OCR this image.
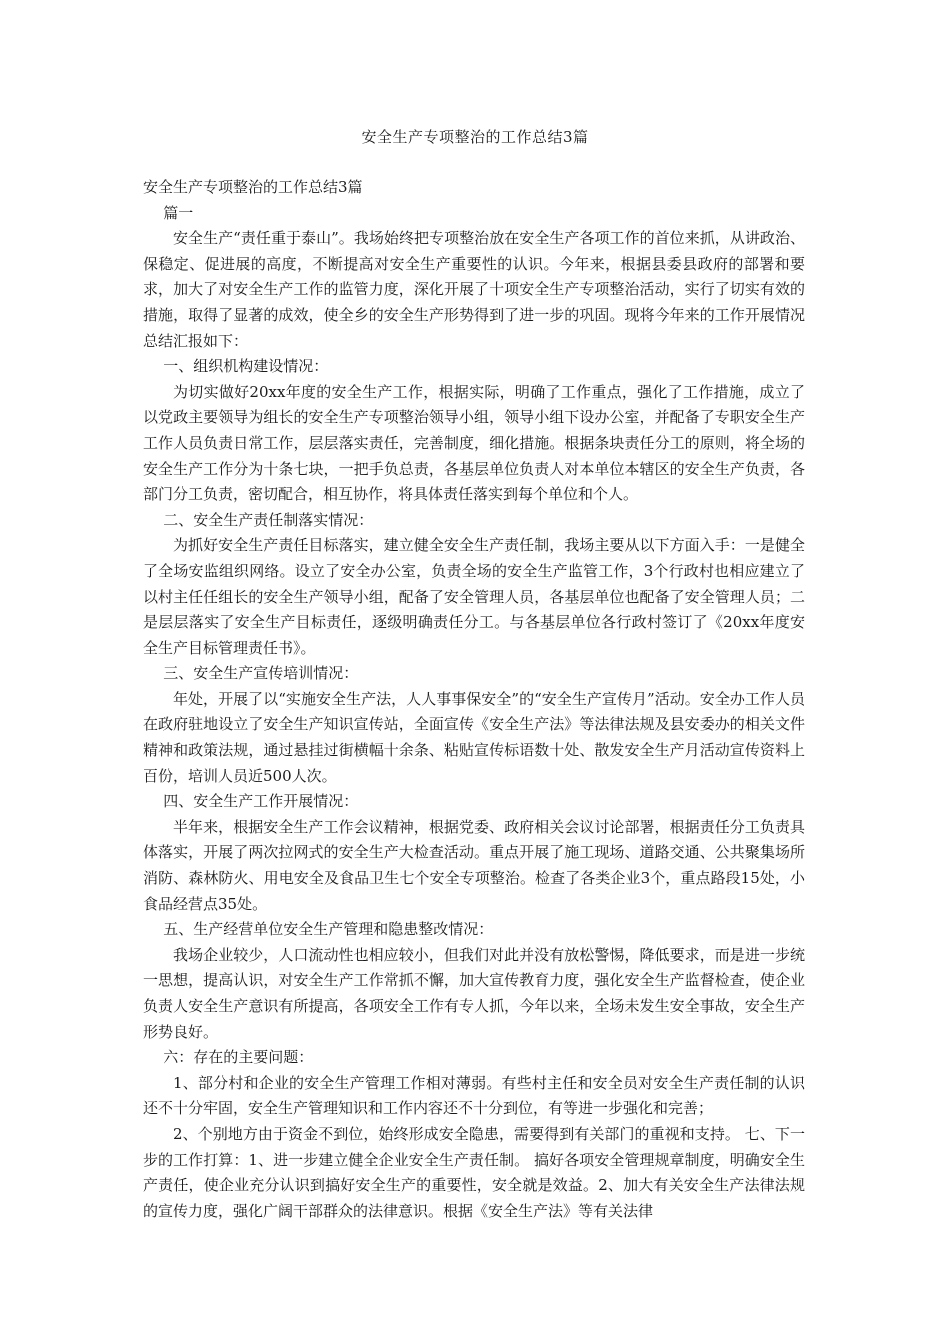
安全生产专项整治的工作总结3篇

安全生产专项整治的工作总结3篇

篇一

安全生产“责任重于泰山”。我场始终把专项整治放在安全生产各项工作的首位来抓，从讲政治、保稳定、促进展的高度，不断提高对安全生产重要性的认识。今年来，根据县委县政府的部署和要求，加大了对安全生产工作的监管力度，深化开展了十项安全生产专项整治活动，实行了切实有效的措施，取得了显著的成效，使全乡的安全生产形势得到了进一步的巩固。现将今年来的工作开展情况总结汇报如下：

一、组织机构建设情况：

为切实做好20xx年度的安全生产工作，根据实际，明确了工作重点，强化了工作措施，成立了以党政主要领导为组长的安全生产专项整治领导小组，领导小组下设办公室，并配备了专职安全生产工作人员负责日常工作，层层落实责任，完善制度，细化措施。根据条块责任分工的原则，将全场的安全生产工作分为十条七块，一把手负总责，各基层单位负责人对本单位本辖区的安全生产负责，各部门分工负责，密切配合，相互协作，将具体责任落实到每个单位和个人。

二、安全生产责任制落实情况：

为抓好安全生产责任目标落实，建立健全安全生产责任制，我场主要从以下方面入手：一是健全了全场安监组织网络。设立了安全办公室，负责全场的安全生产监管工作，3个行政村也相应建立了以村主任任组长的安全生产领导小组，配备了安全管理人员，各基层单位也配备了安全管理人员；二是层层落实了安全生产目标责任，逐级明确责任分工。与各基层单位各行政村签订了《20xx年度安全生产目标管理责任书》。

三、安全生产宣传培训情况：

年处，开展了以“实施安全生产法，人人事事保安全”的“安全生产宣传月”活动。安全办工作人员在政府驻地设立了安全生产知识宣传站，全面宣传《安全生产法》等法律法规及县安委办的相关文件精神和政策法规，通过悬挂过街横幅十余条、粘贴宣传标语数十处、散发安全生产月活动宣传资料上百份，培训人员近500人次。

四、安全生产工作开展情况：

半年来，根据安全生产工作会议精神，根据党委、政府相关会议讨论部署，根据责任分工负责具体落实，开展了两次拉网式的安全生产大检查活动。重点开展了施工现场、道路交通、公共聚集场所消防、森林防火、用电安全及食品卫生七个安全专项整治。检查了各类企业3个，重点路段15处，小食品经营点35处。

五、生产经营单位安全生产管理和隐患整改情况：

我场企业较少，人口流动性也相应较小，但我们对此并没有放松警惕，降低要求，而是进一步统一思想，提高认识，对安全生产工作常抓不懈，加大宣传教育力度，强化安全生产监督检查，使企业负责人安全生产意识有所提高，各项安全工作有专人抓，今年以来，全场未发生安全事故，安全生产形势良好。

六：存在的主要问题：

1、部分村和企业的安全生产管理工作相对薄弱。有些村主任和安全员对安全生产责任制的认识还不十分牢固，安全生产管理知识和工作内容还不十分到位，有等进一步强化和完善；

2、个别地方由于资金不到位，始终形成安全隐患，需要得到有关部门的重视和支持。 七、下一步的工作打算：1、进一步建立健全企业安全生产责任制。 搞好各项安全管理规章制度，明确安全生产责任，使企业充分认识到搞好安全生产的重要性，安全就是效益。2、加大有关安全生产法律法规的宣传力度，强化广阔干部群众的法律意识。根据《安全生产法》等有关法律
